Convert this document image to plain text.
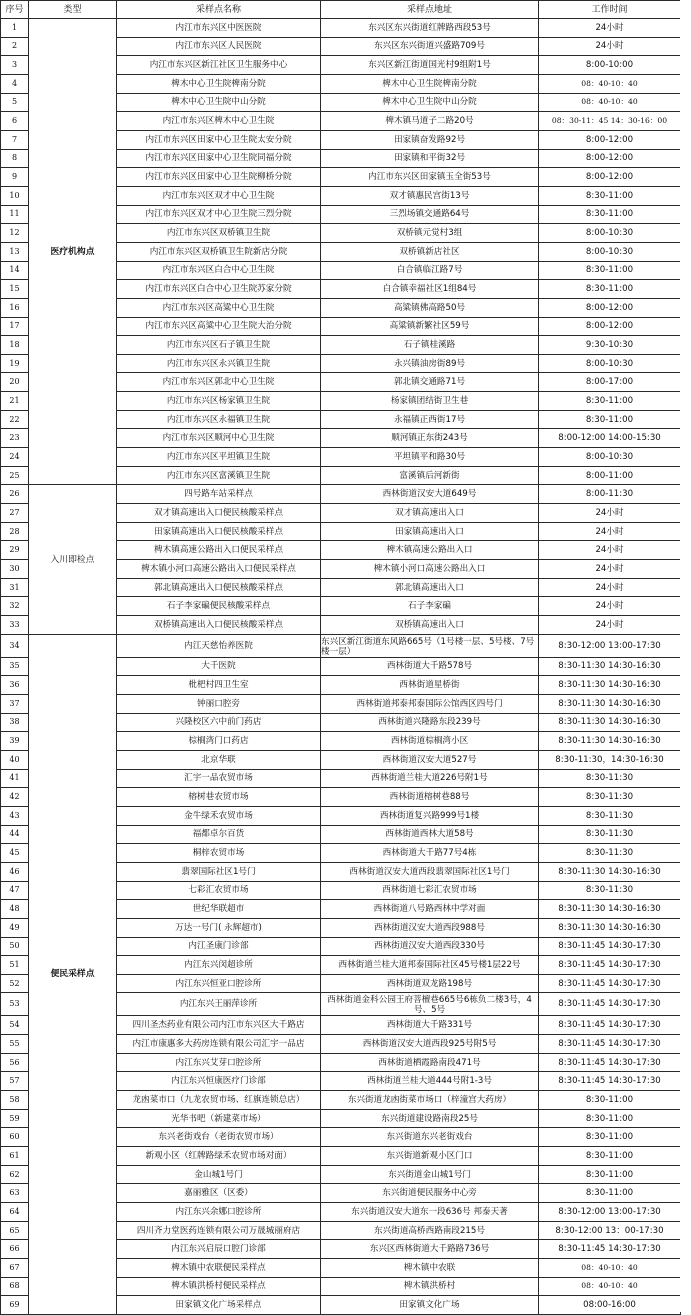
序号	类型	采样点名称	采样点地址	工作时间
1	医疗机构点	内江市东兴区中医医院	东兴区东兴街道红牌路西段53号	24小时
2		内江市东兴区人民医院	东兴区东兴街道兴盛路709号	24小时
3		内江市东兴区新江社区卫生服务中心	东兴区新江街道国光村9组附1号	8:00-10:00
4		椑木中心卫生院椑南分院	椑木中心卫生院椑南分院	08：40-10：40
5		椑木中心卫生院中山分院	椑木中心卫生院中山分院	08：40-10：40
6		内江市东兴区椑木中心卫生院	椑木镇马道子二路20号	08：30-11：45 14：30-16：00
7		内江市东兴区田家中心卫生院太安分院	田家镇奋发路92号	8:00-12:00
8		内江市东兴区田家中心卫生院同福分院	田家镇和平街32号	8:00-12:00
9		内江市东兴区田家中心卫生院柳桥分院	内江市东兴区田家镇玉全街53号	8:00-12:00
10		内江市东兴区双才中心卫生院	双才镇惠民宫街13号	8:30-11:00
11		内江市东兴区双才中心卫生院三烈分院	三烈场镇交通路64号	8:30-11:00
12		内江市东兴区双桥镇卫生院	双桥镇元觉村3组	8:00-10:30
13		内江市东兴区双桥镇卫生院新店分院	双桥镇新店社区	8:00-10:30
14		内江市东兴区白合中心卫生院	白合镇临江路7号	8:30-11:00
15		内江市东兴区白合中心卫生院苏家分院	白合镇幸福社区1组84号	8:30-11:00
16		内江市东兴区高粱中心卫生院	高粱镇佛高路50号	8:00-12:00
17		内江市东兴区高粱中心卫生院大治分院	高粱镇新繁社区59号	8:00-12:00
18		内江市东兴区石子镇卫生院	石子镇桂溪路	9:30-10:30
19		内江市东兴区永兴镇卫生院	永兴镇油房街89号	8:00-10:30
20		内江市东兴区郭北中心卫生院	郭北镇交通路71号	8:00-17:00
21		内江市东兴区杨家镇卫生院	杨家镇团结街卫生巷	8:30-11:00
22		内江市东兴区永福镇卫生院	永福镇正西街17号	8:30-11:00
23		内江市东兴区顺河中心卫生院	顺河镇正东街243号	8:00-12:00 14:00-15:30
24		内江市东兴区平坦镇卫生院	平坦镇平和路30号	8:00-10:30
25		内江市东兴区富溪镇卫生院	富溪镇后河新街	8:00-11:00
26	入川即检点	四号路车站采样点	西林街道汉安大道649号	8:00-11:30
27		双才镇高速出入口便民核酸采样点	双才镇高速出入口	24小时
28		田家镇高速出入口便民核酸采样点	田家镇高速出入口	24小时
29		椑木镇高速公路出入口便民采样点	椑木镇高速公路出入口	24小时
30		椑木镇小河口高速公路出入口便民采样点	椑木镇小河口高速公路出入口	24小时
31		郭北镇高速出入口便民核酸采样点	郭北镇高速出入口	24小时
32		石子李家碥便民核酸采样点	石子李家碥	24小时
33		双桥镇高速出入口便民核酸采样点	双桥镇高速出入口	24小时
34	便民采样点	内江天慈怡养医院	东兴区新江街道东风路665号（1号楼一层、5号楼、7号楼一层）	8:30-12:00 13:00-17:30
35		大千医院	西林街道大千路578号	8:30-11:30 14:30-16:30
36		枇杷村四卫生室	西林街道星桥街	8:30-11:30 14:30-16:30
37		钟丽口腔旁	西林街道邦泰邦泰国际公馆西区四号门	8:30-11:30 14:30-16:30
38		兴隆校区六中前门药店	西林街道兴隆路东段239号	8:30-11:30 14:30-16:30
39		棕榈湾门口药店	西林街道棕榈湾小区	8:30-11:30 14:30-16:30
40		北京华联	西林街道汉安大道527号	8:30-11:30，14:30-16:30
41		汇宇一品农贸市场	西林街道兰桂大道226号附1号	8:30-11:30
42		榕树巷农贸市场	西林街道榕树巷88号	8:30-11:30
43		金牛绿禾农贸市场	西林街道复兴路999号1楼	8:30-11:30
44		福都卓尔百货	西林街道西林大道58号	8:30-11:30
45		桐梓农贸市场	西林街道大千路77号4栋	8:30-11:30
46		翡翠国际社区1号门	西林街道汉安大道西段翡翠国际社区1号门	8:30-11:30 14:30-16:30
47		七彩汇农贸市场	西林街道七彩汇农贸市场	8:30-11:30
48		世纪华联超市	西林街道八号路西林中学对面	8:30-11:30 14:30-16:30
49		万达一号门( 永辉超市)	西林街道汉安大道西段988号	8:30-11:30 14:30-16:30
50		内江圣康门诊部	西林街道汉安大道西段330号	8:30-11:45 14:30-17:30
51		内江东兴闵超诊所	西林街道兰桂大道邦泰国际社区45号楼1层22号	8:30-11:45 14:30-17:30
52		内江东兴恒亚口腔诊所	西林街道双龙路198号	8:30-11:45 14:30-17:30
53		内江东兴王丽萍诊所	西林街道金科公园王府菩檀巷665号6栋负二楼3号，4号、5号	8:30-11:45 14:30-17:30
54		四川圣杰药业有限公司内江市东兴区大千路店	西林街道大千路331号	8:30-11:45 14:30-17:30
55		内江市康惠多大药房连锁有限公司汇宇一品店	西林街道汉安大道西段925号附5号	8:30-11:45 14:30-17:30
56		内江东兴艾芽口腔诊所	西林街道栖霞路南段471号	8:30-11:45 14:30-17:30
57		内江东兴恒康医疗门诊部	西林街道兰桂大道444号附1-3号	8:30-11:45 14:30-17:30
58		龙凼菜市口（九龙农贸市场、红旗连锁总店）	东兴街道龙凼街菜市场口（梓潼宫大药房）	8:30-11:00
59		光华书吧（新建菜市场）	东兴街道建设路南段25号	8:30-11:00
60		东兴老街戏台（老街农贸市场）	东兴街道东兴老街戏台	8:30-11:00
61		新观小区（红牌路绿禾农贸市场对面）	东兴街道新观小区门口	8:30-11:00
62		金山城1号门	东兴街道金山城1号门	8:30-11:00
63		嘉丽雅区（区委）	东兴街道便民服务中心旁	8:30-11:00
64		内江东兴余娜口腔诊所	东兴街道汉安大道东一段636号 邦泰天著	8:30-12:00 13:00-17:30
65		四川齐力堂医药连锁有限公司万晟城丽府店	东兴街道高桥西路南段215号	8:30-12:00 13：00-17:30
66		内江东兴启辰口腔门诊部	东兴区西林街道大千路路736号	8:30-11:45 14:30-17:30
67		椑木镇中农联便民采样点	椑木镇中农联	08：40-10：40
68		椑木镇洪桥村便民采样点	椑木镇洪桥村	08：40-10：40
69		田家镇文化广场采样点	田家镇文化广场	08:00-16:00
